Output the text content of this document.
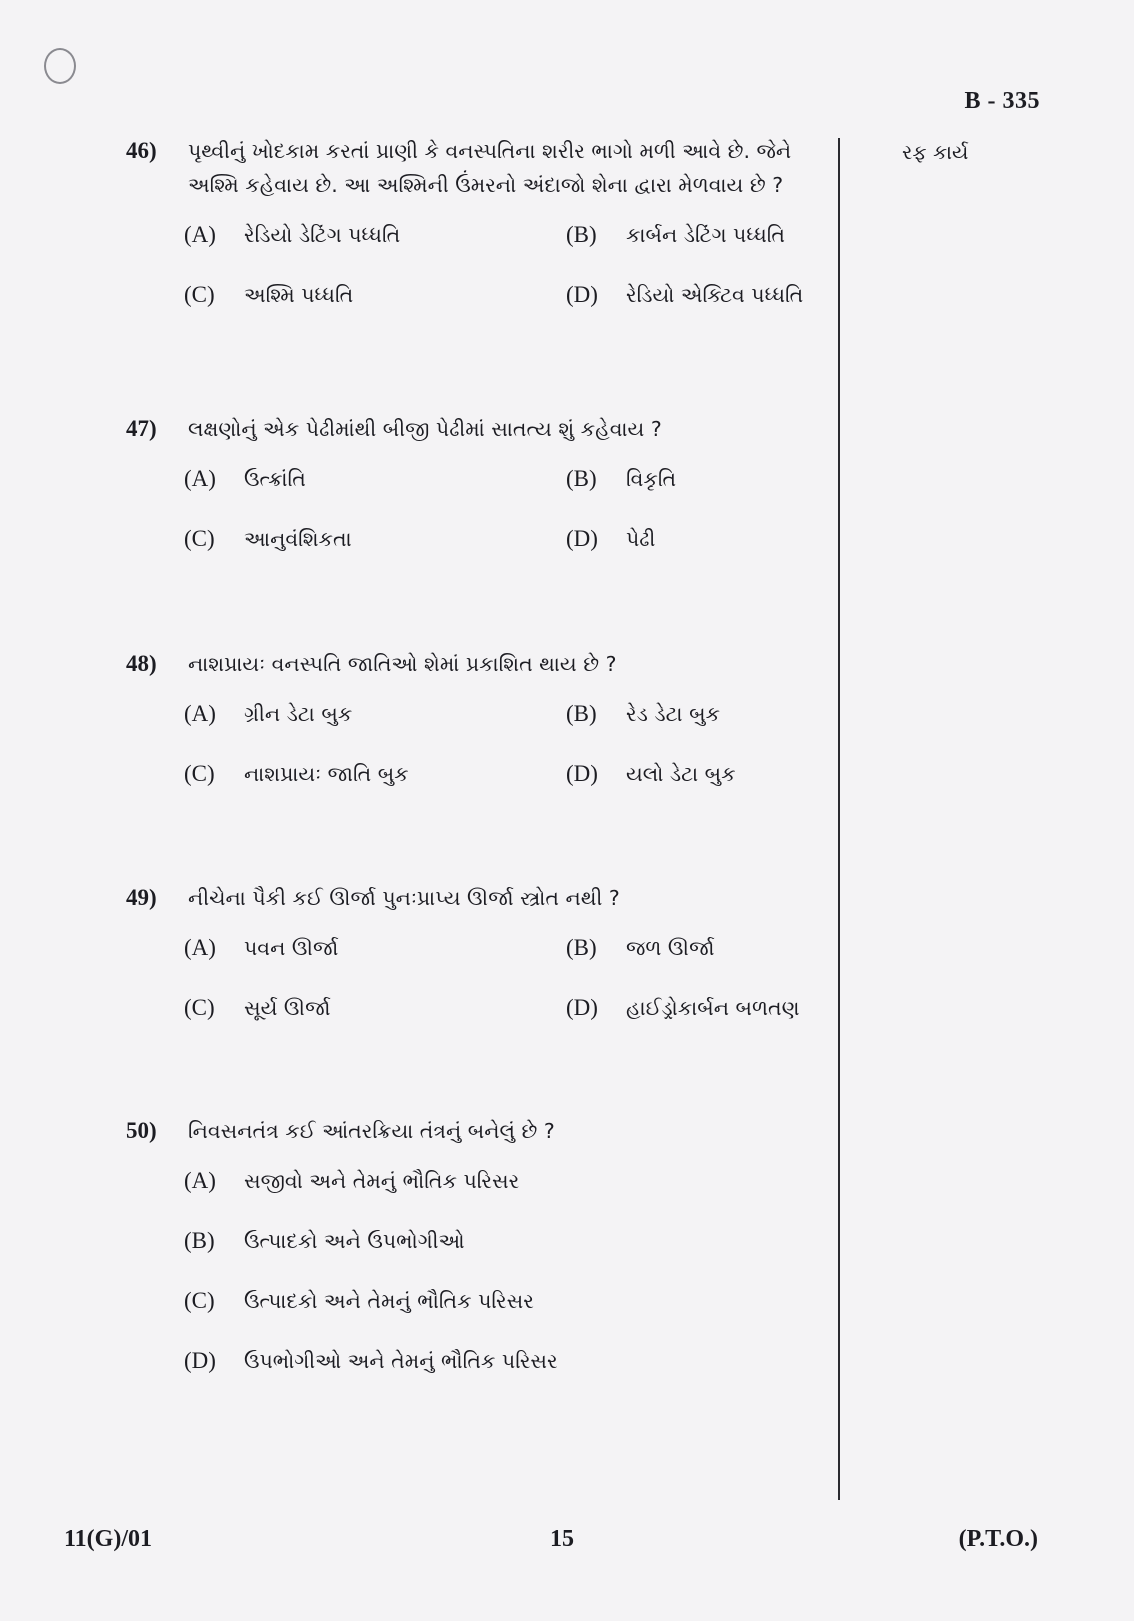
B - 335
રફ કાર્ય
46)	પૃથ્વીનું ખોદકામ કરતાં પ્રાણી કે વનસ્પતિના શરીર ભાગો મળી આવે છે. જેને અશ્મિ કહેવાય છે. આ અશ્મિની ઉંમરનો અંદાજો શેના દ્વારા મેળવાય છે ?
(A)	રેડિયો ડેટિંગ પધ્ધતિ	(B)	કાર્બન ડેટિંગ પધ્ધતિ
(C)	અશ્મિ પધ્ધતિ	(D)	રેડિયો એક્ટિવ પધ્ધતિ
47)	લક્ષણોનું એક પેઢીમાંથી બીજી પેઢીમાં સાતત્ય શું કહેવાય ?
(A)	ઉત્ક્રાંતિ	(B)	વિકૃતિ
(C)	આનુવંશિકતા	(D)	પેઢી
48)	નાશપ્રાયઃ વનસ્પતિ જાતિઓ શેમાં પ્રકાશિત થાય છે ?
(A)	ગ્રીન ડેટા બુક	(B)	રેડ ડેટા બુક
(C)	નાશપ્રાયઃ જાતિ બુક	(D)	યલો ડેટા બુક
49)	નીચેના પૈકી કઈ ઊર્જા પુનઃપ્રાપ્ય ઊર્જા સ્ત્રોત નથી ?
(A)	પવન ઊર્જા	(B)	જળ ઊર્જા
(C)	સૂર્ય ઊર્જા	(D)	હાઈડ્રોકાર્બન બળતણ
50)	નિવસનતંત્ર કઈ આંતરક્રિયા તંત્રનું બનેલું છે ?
(A)	સજીવો અને તેમનું ભૌતિક પરિસર
(B)	ઉત્પાદકો અને ઉપભોગીઓ
(C)	ઉત્પાદકો અને તેમનું ભૌતિક પરિસર
(D)	ઉપભોગીઓ અને તેમનું ભૌતિક પરિસર
11(G)/01	15	(P.T.O.)
